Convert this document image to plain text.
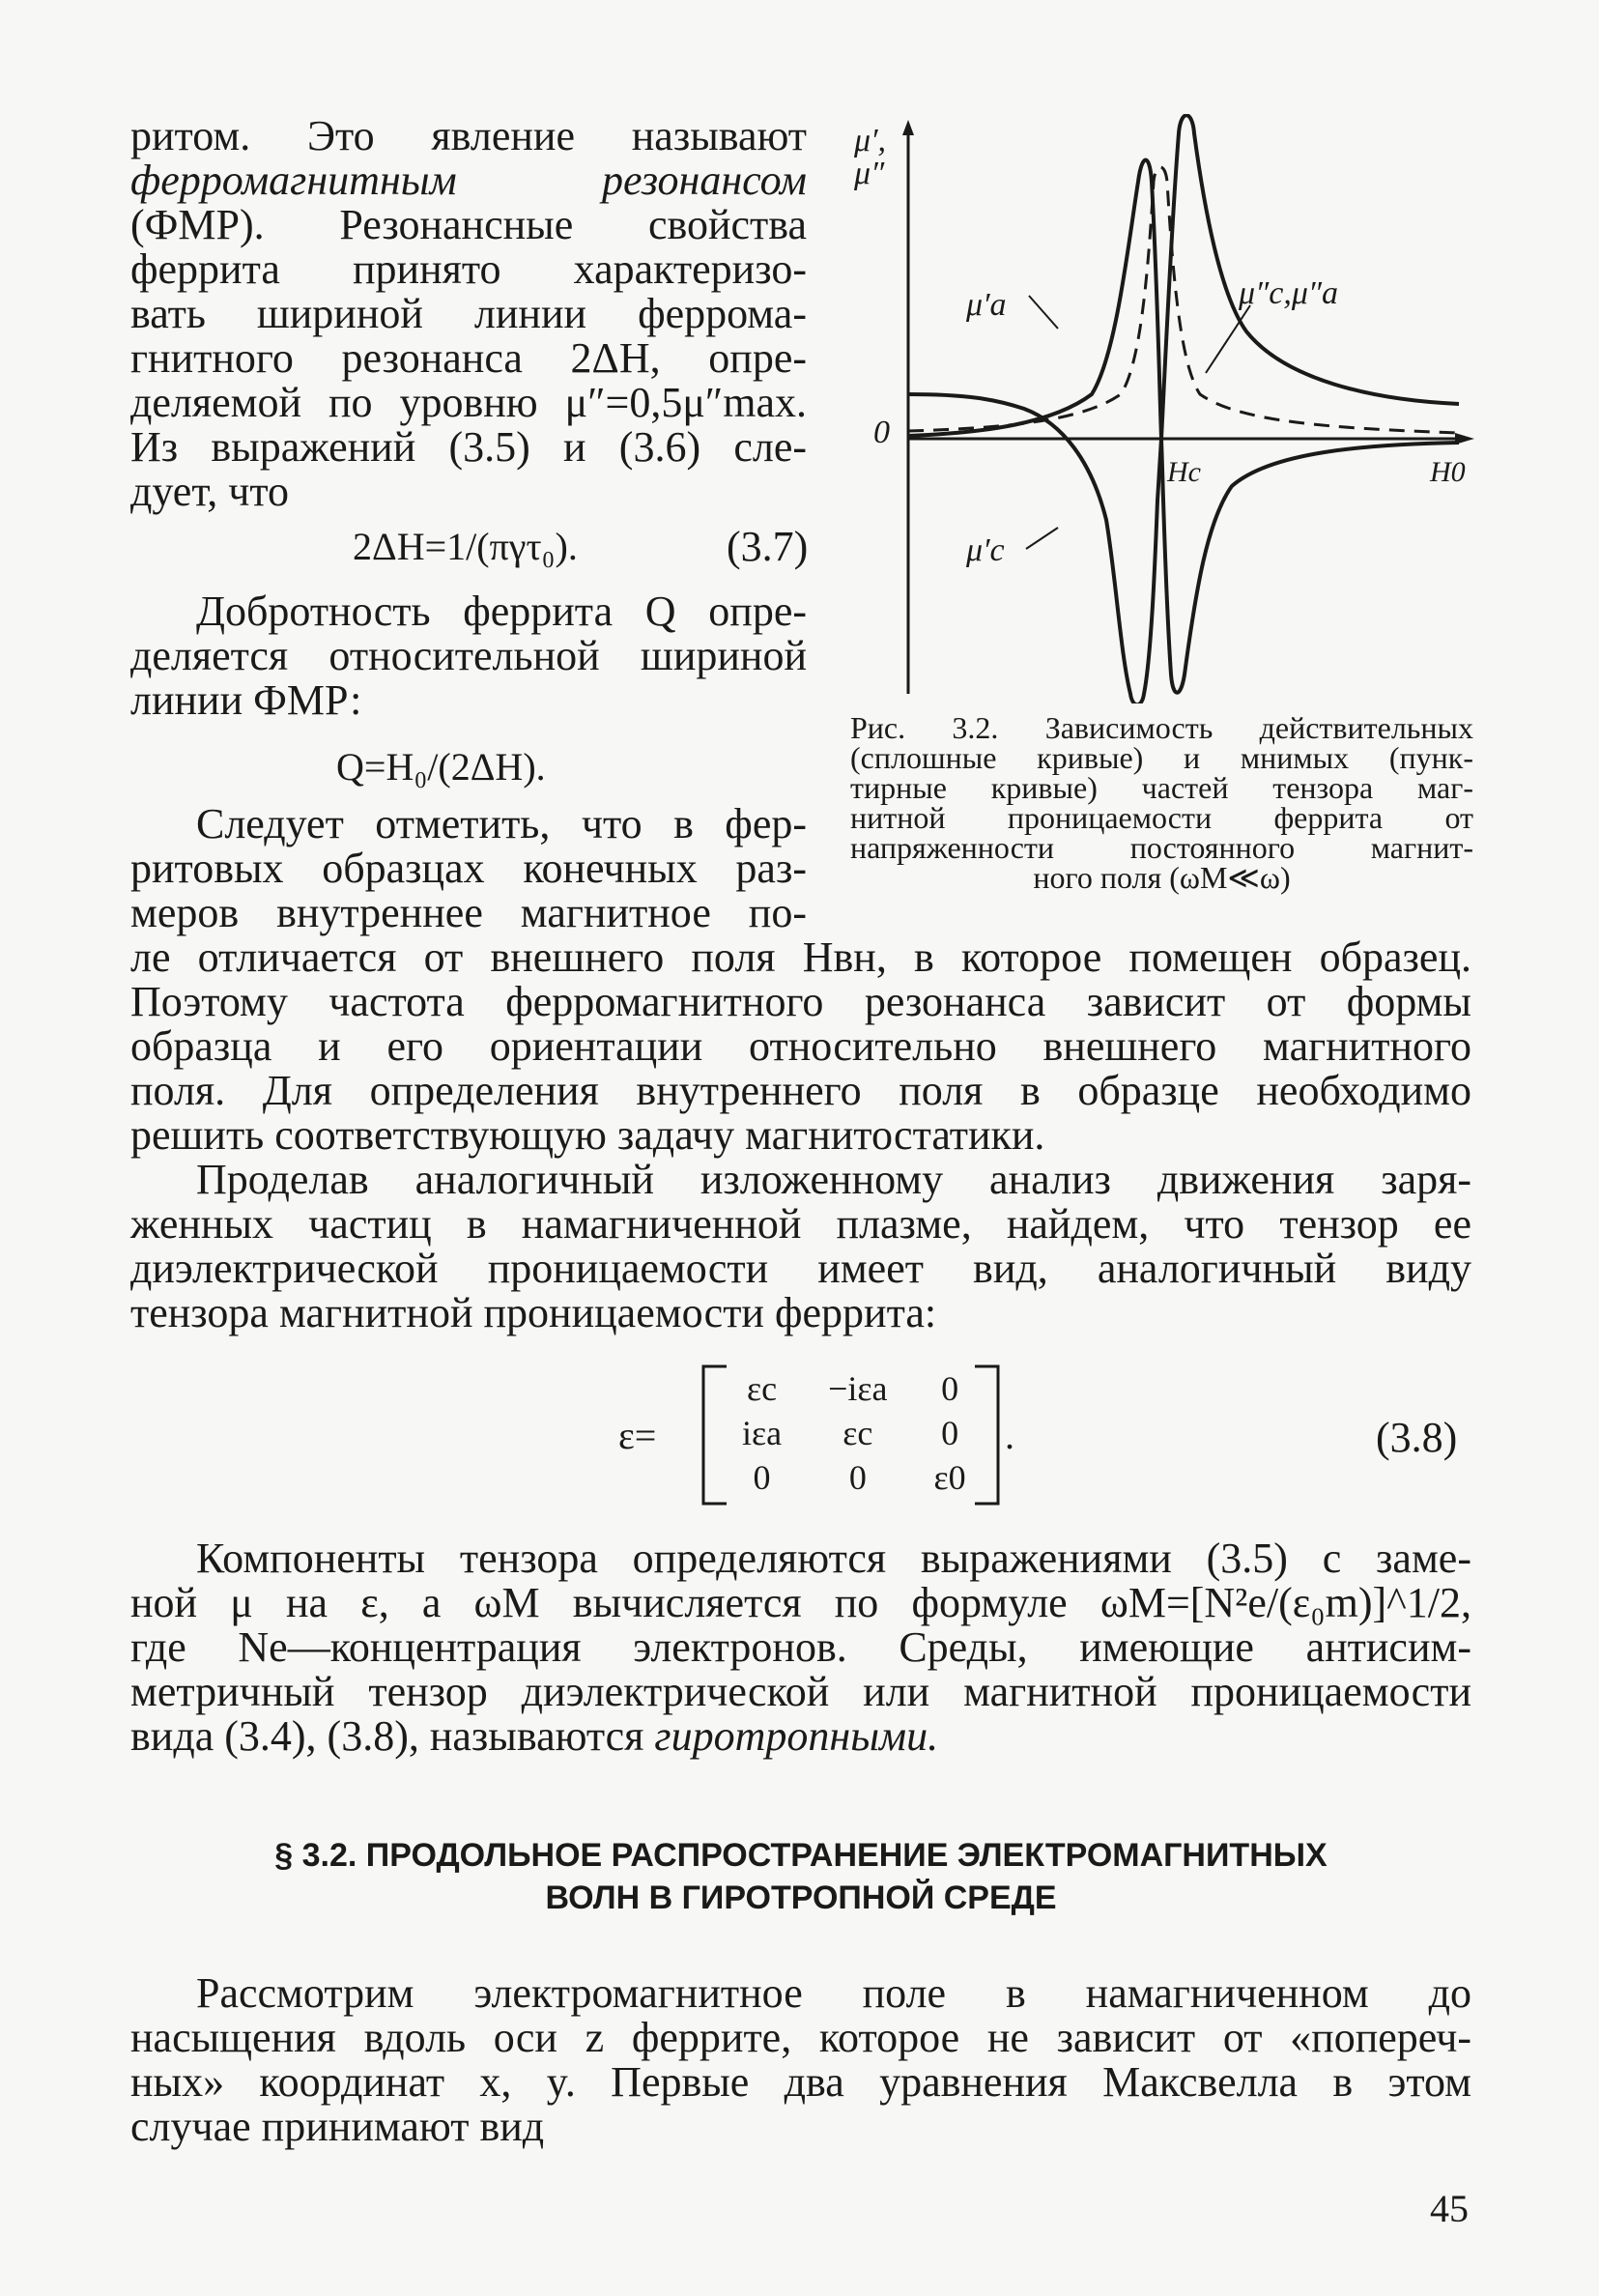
ритом. Это явление называют

ферромагнитным резонансом

(ФМР). Резонансные свойства

феррита принято характеризо-

вать шириной линии феррома-

гнитного резонанса 2ΔH, опре-

деляемой по уровню μ″=0,5μ″max.

Из выражений (3.5) и (3.6) сле-

дует, что

2ΔH=1/(πγτ₀).	(3.7)

Добротность феррита Q опре-

деляется относительной шириной

линии ФМР:

Q=H₀/(2ΔH).

Следует отметить, что в фер-

ритовых образцах конечных раз-

меров внутреннее магнитное по-

μ′,
μ″
0
μ′a	μ″c,μ″a
Hc	H0
μ′c

Рис. 3.2. Зависимость действительных

(сплошные кривые) и мнимых (пунк-

тирные кривые) частей тензора маг-

нитной проницаемости феррита от

напряженности постоянного магнит-

ного поля (ωM≪ω)

ле отличается от внешнего поля Hвн, в которое помещен образец.

Поэтому частота ферромагнитного резонанса зависит от формы

образца и его ориентации относительно внешнего магнитного

поля. Для определения внутреннего поля в образце необходимо

решить соответствующую задачу магнитостатики.

Проделав аналогичный изложенному анализ движения заря-

женных частиц в намагниченной плазме, найдем, что тензор ее

диэлектрической проницаемости имеет вид, аналогичный виду

тензора магнитной проницаемости феррита:

ε=
εc	−iεa	0
iεa	εc	0
0	0	ε0
.	(3.8)

Компоненты тензора определяются выражениями (3.5) с заме-

ной μ на ε, а ωM вычисляется по формуле ωM=[N²e/(ε₀m)]^1/2,

где Ne—концентрация электронов. Среды, имеющие антисим-

метричный тензор диэлектрической или магнитной проницаемости

вида (3.4), (3.8), называются гиротропными.

§ 3.2. ПРОДОЛЬНОЕ РАСПРОСТРАНЕНИЕ ЭЛЕКТРОМАГНИТНЫХ
ВОЛН В ГИРОТРОПНОЙ СРЕДЕ

Рассмотрим электромагнитное поле в намагниченном до

насыщения вдоль оси z феррите, которое не зависит от «попереч-

ных» координат x, y. Первые два уравнения Максвелла в этом

случае принимают вид

45
